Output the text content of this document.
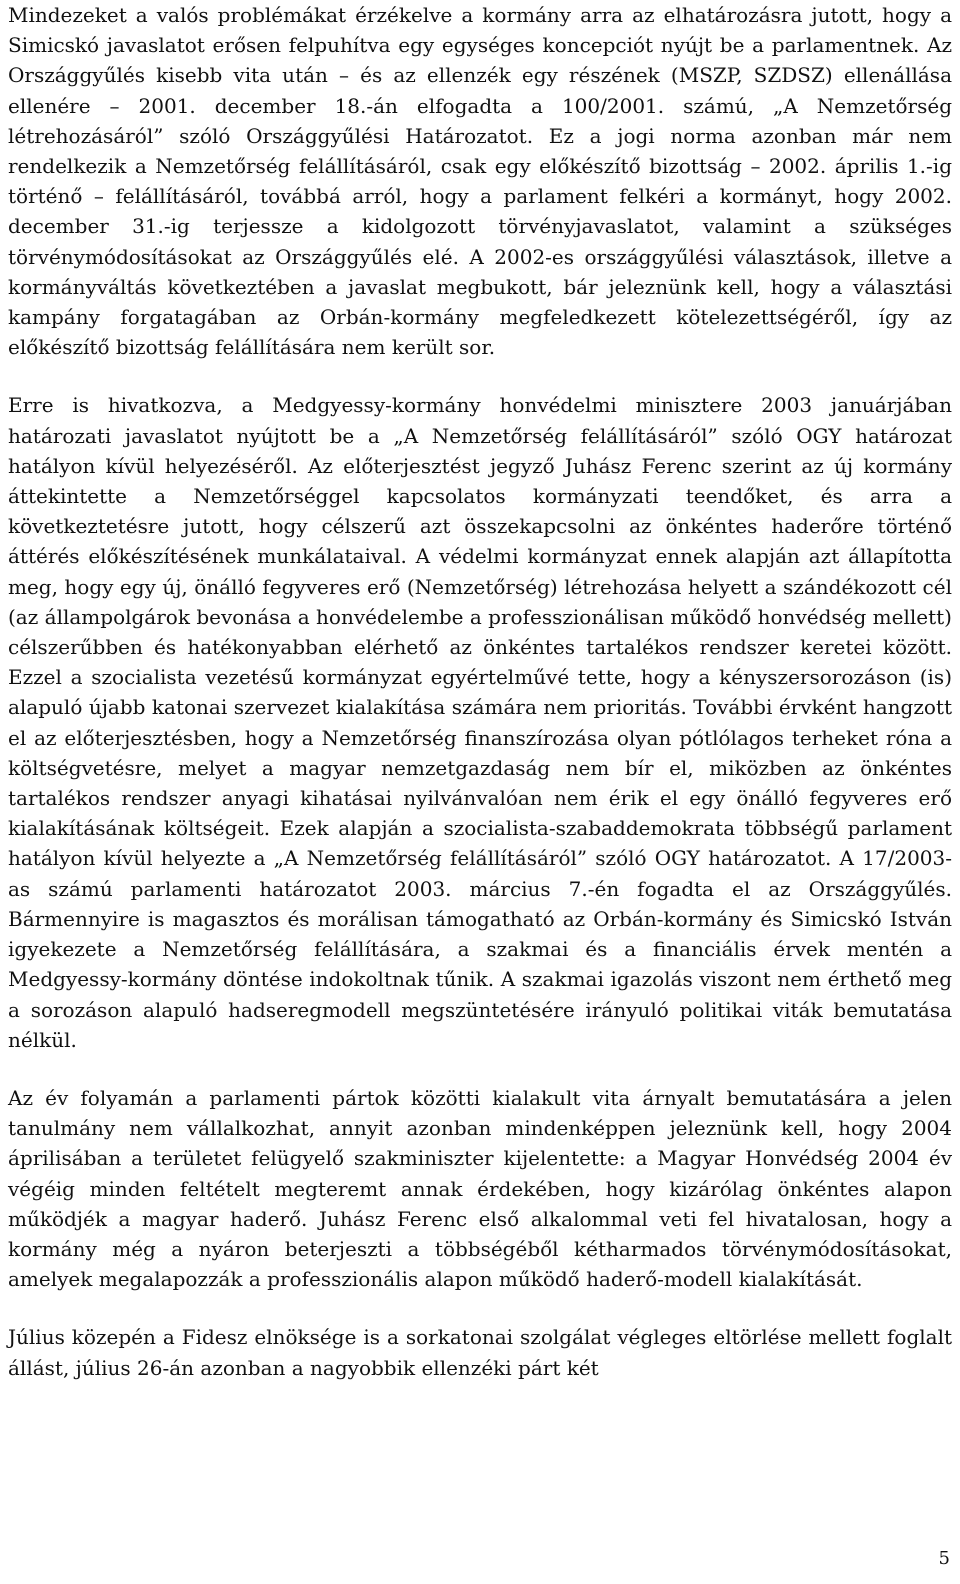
Mindezeket a valós problémákat érzékelve a kormány arra az elhatározásra jutott, hogy a Simicskó javaslatot erősen felpuhítva egy egységes koncepciót nyújt be a parlamentnek. Az Országgyűlés kisebb vita után – és az ellenzék egy részének (MSZP, SZDSZ) ellenállása ellenére – 2001. december 18.-án elfogadta a 100/2001. számú, „A Nemzetőrség létrehozásáról” szóló Országgyűlési Határozatot. Ez a jogi norma azonban már nem rendelkezik a Nemzetőrség felállításáról, csak egy előkészítő bizottság – 2002. április 1.-ig történő – felállításáról, továbbá arról, hogy a parlament felkéri a kormányt, hogy 2002. december 31.-ig terjessze a kidolgozott törvényjavaslatot, valamint a szükséges törvénymódosításokat az Országgyűlés elé. A 2002-es országgyűlési választások, illetve a kormányváltás következtében a javaslat megbukott, bár jeleznünk kell, hogy a választási kampány forgatagában az Orbán-kormány megfeledkezett kötelezettségéről, így az előkészítő bizottság felállítására nem került sor.

Erre is hivatkozva, a Medgyessy-kormány honvédelmi minisztere 2003 januárjában határozati javaslatot nyújtott be a „A Nemzetőrség felállításáról” szóló OGY határozat hatályon kívül helyezéséről. Az előterjesztést jegyző Juhász Ferenc szerint az új kormány áttekintette a Nemzetőrséggel kapcsolatos kormányzati teendőket, és arra a következtetésre jutott, hogy célszerű azt összekapcsolni az önkéntes haderőre történő áttérés előkészítésének munkálataival. A védelmi kormányzat ennek alapján azt állapította meg, hogy egy új, önálló fegyveres erő (Nemzetőrség) létrehozása helyett a szándékozott cél (az állampolgárok bevonása a honvédelembe a professzionálisan működő honvédség mellett) célszerűbben és hatékonyabban elérhető az önkéntes tartalékos rendszer keretei között. Ezzel a szocialista vezetésű kormányzat egyértelművé tette, hogy a kényszersorozáson (is) alapuló újabb katonai szervezet kialakítása számára nem prioritás. További érvként hangzott el az előterjesztésben, hogy a Nemzetőrség finanszírozása olyan pótlólagos terheket róna a költségvetésre, melyet a magyar nemzetgazdaság nem bír el, miközben az önkéntes tartalékos rendszer anyagi kihatásai nyilvánvalóan nem érik el egy önálló fegyveres erő kialakításának költségeit. Ezek alapján a szocialista-szabaddemokrata többségű parlament hatályon kívül helyezte a „A Nemzetőrség felállításáról” szóló OGY határozatot. A 17/2003-as számú parlamenti határozatot 2003. március 7.-én fogadta el az Országgyűlés. Bármennyire is magasztos és morálisan támogatható az Orbán-kormány és Simicskó István igyekezete a Nemzetőrség felállítására, a szakmai és a financiális érvek mentén a Medgyessy-kormány döntése indokoltnak tűnik. A szakmai igazolás viszont nem érthető meg a sorozáson alapuló hadseregmodell megszüntetésére irányuló politikai viták bemutatása nélkül.

Az év folyamán a parlamenti pártok közötti kialakult vita árnyalt bemutatására a jelen tanulmány nem vállalkozhat, annyit azonban mindenképpen jeleznünk kell, hogy 2004 áprilisában a területet felügyelő szakminiszter kijelentette: a Magyar Honvédség 2004 év végéig minden feltételt megteremt annak érdekében, hogy kizárólag önkéntes alapon működjék a magyar haderő. Juhász Ferenc első alkalommal veti fel hivatalosan, hogy a kormány még a nyáron beterjeszti a többségéből kétharmados törvénymódosításokat, amelyek megalapozzák a professzionális alapon működő haderő-modell kialakítását.

Július közepén a Fidesz elnöksége is a sorkatonai szolgálat végleges eltörlése mellett foglalt állást, július 26-án azonban a nagyobbik ellenzéki párt két

5
